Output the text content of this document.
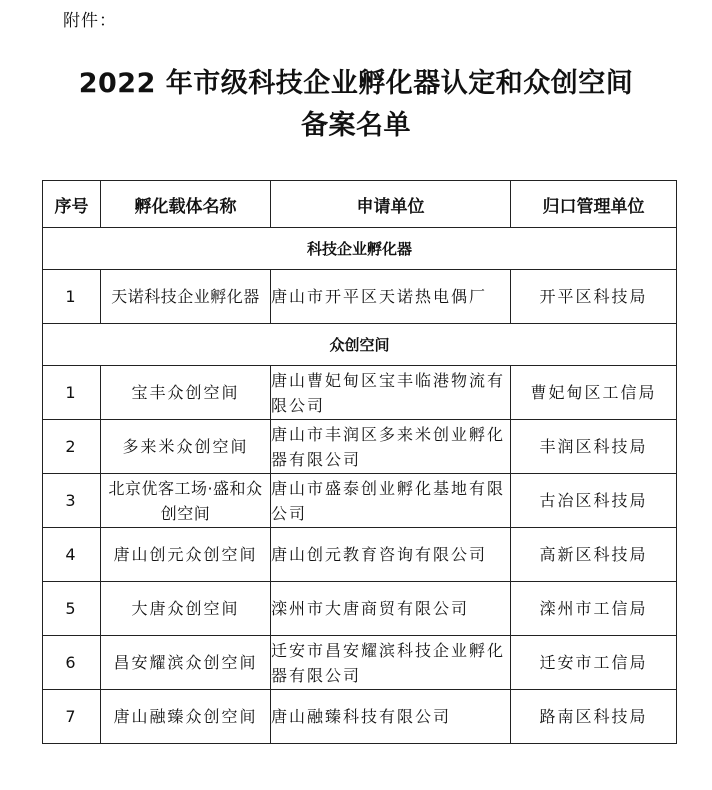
附件：
2022 年市级科技企业孵化器认定和众创空间
备案名单
序号	孵化载体名称	申请单位	归口管理单位
科技企业孵化器			
1	天诺科技企业孵化器	唐山市开平区天诺热电偶厂	开平区科技局
众创空间			
1	宝丰众创空间	唐山曹妃甸区宝丰临港物流有限公司	曹妃甸区工信局
2	多来米众创空间	唐山市丰润区多来米创业孵化器有限公司	丰润区科技局
3	北京优客工场·盛和众创空间	唐山市盛泰创业孵化基地有限公司	古冶区科技局
4	唐山创元众创空间	唐山创元教育咨询有限公司	高新区科技局
5	大唐众创空间	滦州市大唐商贸有限公司	滦州市工信局
6	昌安耀滨众创空间	迁安市昌安耀滨科技企业孵化器有限公司	迁安市工信局
7	唐山融臻众创空间	唐山融臻科技有限公司	路南区科技局
